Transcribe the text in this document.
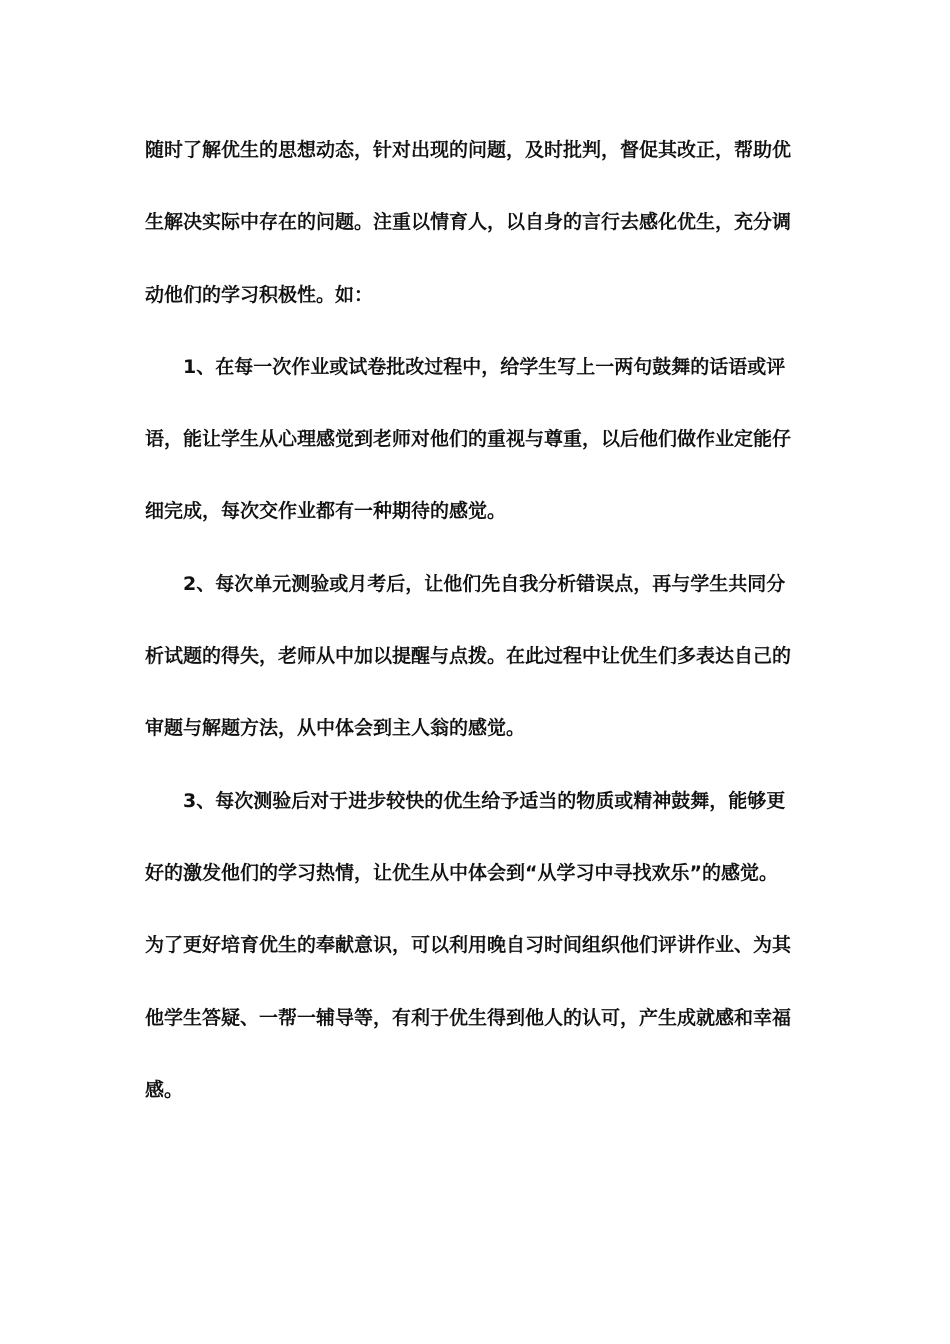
随时了解优生的思想动态，针对出现的问题，及时批判，督促其改正，帮助优
生解决实际中存在的问题。注重以情育人，以自身的言行去感化优生，充分调
动他们的学习积极性。如：
1、在每一次作业或试卷批改过程中，给学生写上一两句鼓舞的话语或评
语，能让学生从心理感觉到老师对他们的重视与尊重，以后他们做作业定能仔
细完成，每次交作业都有一种期待的感觉。
2、每次单元测验或月考后，让他们先自我分析错误点，再与学生共同分
析试题的得失，老师从中加以提醒与点拨。在此过程中让优生们多表达自己的
审题与解题方法，从中体会到主人翁的感觉。
3、每次测验后对于进步较快的优生给予适当的物质或精神鼓舞，能够更
好的激发他们的学习热情，让优生从中体会到“从学习中寻找欢乐”的感觉。
为了更好培育优生的奉献意识，可以利用晚自习时间组织他们评讲作业、为其
他学生答疑、一帮一辅导等，有利于优生得到他人的认可，产生成就感和幸福
感。
